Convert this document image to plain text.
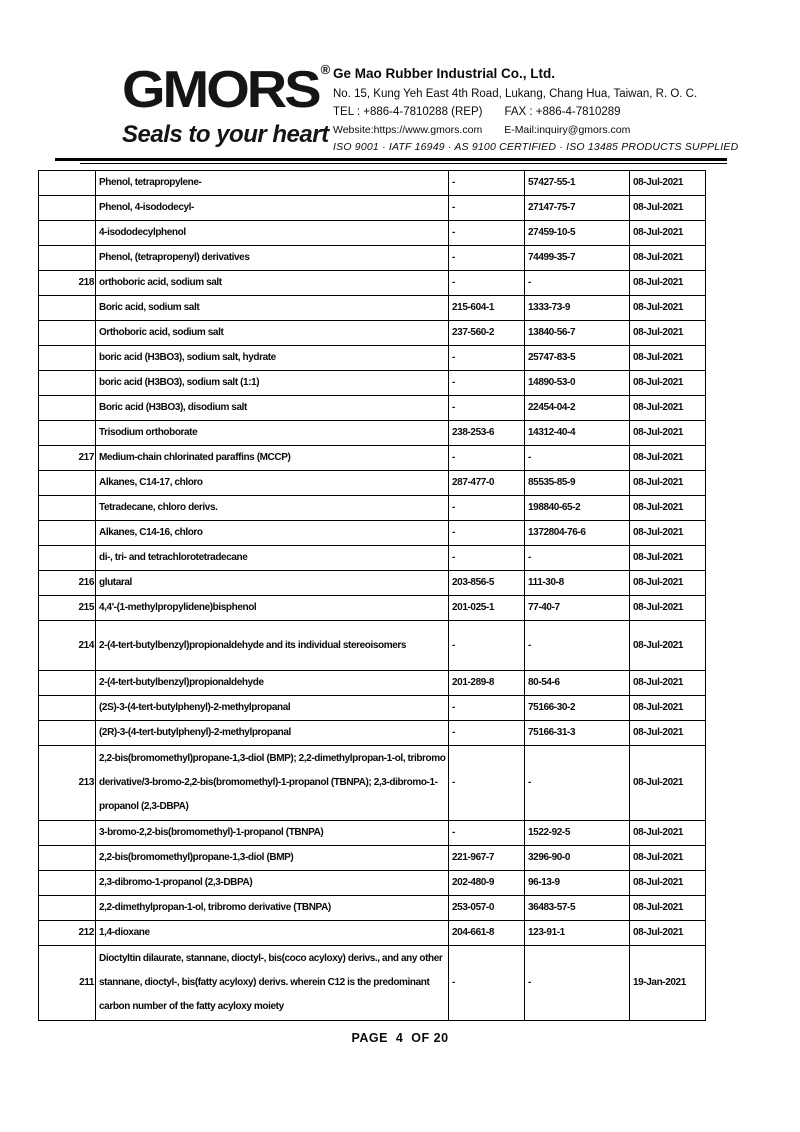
GMORS ®
Seals to your heart
Ge Mao Rubber Industrial Co., Ltd.
No. 15, Kung Yeh East 4th Road, Lukang, Chang Hua, Taiwan, R. O. C.
TEL : +886-4-7810288 (REP) FAX : +886-4-7810289
Website:https://www.gmors.com E-Mail:inquiry@gmors.com
ISO 9001 · IATF 16949 · AS 9100 CERTIFIED · ISO 13485 PRODUCTS SUPPLIED

	Phenol, tetrapropylene-	-	57427-55-1	08-Jul-2021

	Phenol, 4-isododecyl-	-	27147-75-7	08-Jul-2021

	4-isododecylphenol	-	27459-10-5	08-Jul-2021

	Phenol, (tetrapropenyl) derivatives	-	74499-35-7	08-Jul-2021

218	orthoboric acid, sodium salt	-	-	08-Jul-2021

	Boric acid, sodium salt	215-604-1	1333-73-9	08-Jul-2021

	Orthoboric acid, sodium salt	237-560-2	13840-56-7	08-Jul-2021

	boric acid (H3BO3), sodium salt, hydrate	-	25747-83-5	08-Jul-2021

	boric acid (H3BO3), sodium salt (1:1)	-	14890-53-0	08-Jul-2021

	Boric acid (H3BO3), disodium salt	-	22454-04-2	08-Jul-2021

	Trisodium orthoborate	238-253-6	14312-40-4	08-Jul-2021

217	Medium-chain chlorinated paraffins (MCCP)	-	-	08-Jul-2021

	Alkanes, C14-17, chloro	287-477-0	85535-85-9	08-Jul-2021

	Tetradecane, chloro derivs.	-	198840-65-2	08-Jul-2021

	Alkanes, C14-16, chloro	-	1372804-76-6	08-Jul-2021

	di-, tri- and tetrachlorotetradecane	-	-	08-Jul-2021

216	glutaral	203-856-5	111-30-8	08-Jul-2021

215	4,4'-(1-methylpropylidene)bisphenol	201-025-1	77-40-7	08-Jul-2021

214	2-(4-tert-butylbenzyl)propionaldehyde and its individual stereoisomers	-	-	08-Jul-2021

	2-(4-tert-butylbenzyl)propionaldehyde	201-289-8	80-54-6	08-Jul-2021

	(2S)-3-(4-tert-butylphenyl)-2-methylpropanal	-	75166-30-2	08-Jul-2021

	(2R)-3-(4-tert-butylphenyl)-2-methylpropanal	-	75166-31-3	08-Jul-2021

213	2,2-bis(bromomethyl)propane-1,3-diol (BMP); 2,2-dimethylpropan-1-ol, tribromo derivative/3-bromo-2,2-bis(bromomethyl)-1-propanol (TBNPA); 2,3-dibromo-1-propanol (2,3-DBPA)	-	-	08-Jul-2021

	3-bromo-2,2-bis(bromomethyl)-1-propanol (TBNPA)	-	1522-92-5	08-Jul-2021

	2,2-bis(bromomethyl)propane-1,3-diol (BMP)	221-967-7	3296-90-0	08-Jul-2021

	2,3-dibromo-1-propanol (2,3-DBPA)	202-480-9	96-13-9	08-Jul-2021

	2,2-dimethylpropan-1-ol, tribromo derivative (TBNPA)	253-057-0	36483-57-5	08-Jul-2021

212	1,4-dioxane	204-661-8	123-91-1	08-Jul-2021

211	Dioctyltin dilaurate, stannane, dioctyl-, bis(coco acyloxy) derivs., and any other stannane, dioctyl-, bis(fatty acyloxy) derivs. wherein C12 is the predominant carbon number of the fatty acyloxy moiety	-	-	19-Jan-2021
PAGE  4  OF 20
